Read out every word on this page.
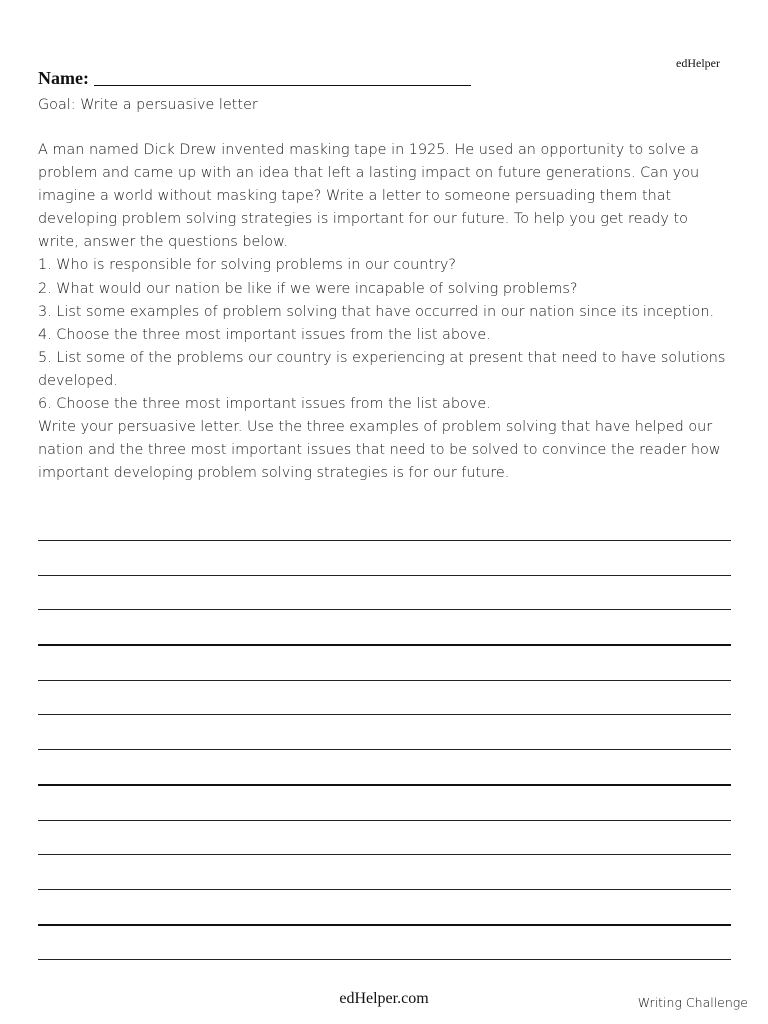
edHelper
Name:
Goal: Write a persuasive letter

A man named Dick Drew invented masking tape in 1925. He used an opportunity to solve a problem and came up with an idea that left a lasting impact on future generations. Can you imagine a world without masking tape? Write a letter to someone persuading them that developing problem solving strategies is important for our future. To help you get ready to write, answer the questions below.

1. Who is responsible for solving problems in our country?

2. What would our nation be like if we were incapable of solving problems?

3. List some examples of problem solving that have occurred in our nation since its inception.

4. Choose the three most important issues from the list above.

5. List some of the problems our country is experiencing at present that need to have solutions developed.

6. Choose the three most important issues from the list above.

Write your persuasive letter. Use the three examples of problem solving that have helped our nation and the three most important issues that need to be solved to convince the reader how important developing problem solving strategies is for our future.

edHelper.com	Writing Challenge
